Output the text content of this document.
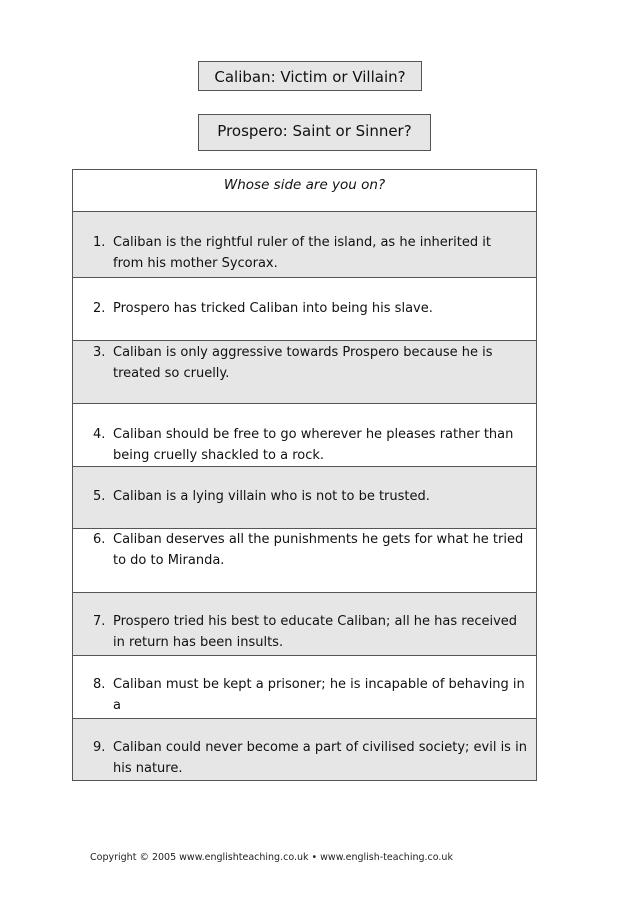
Caliban: Victim or Villain?
Prospero: Saint or Sinner?
Whose side are you on?
1. Caliban is the rightful ruler of the island, as he inherited it
from his mother Sycorax.
2. Prospero has tricked Caliban into being his slave.
3. Caliban is only aggressive towards Prospero because he is
treated so cruelly.
4. Caliban should be free to go wherever he pleases rather than
being cruelly shackled to a rock.
5. Caliban is a lying villain who is not to be trusted.
6. Caliban deserves all the punishments he gets for what he tried
to do to Miranda.
7. Prospero tried his best to educate Caliban; all he has received
in return has been insults.
8. Caliban must be kept a prisoner; he is incapable of behaving in a
9. Caliban could never become a part of civilised society; evil is in
his nature.
Copyright © 2005 www.englishteaching.co.uk • www.english-teaching.co.uk
